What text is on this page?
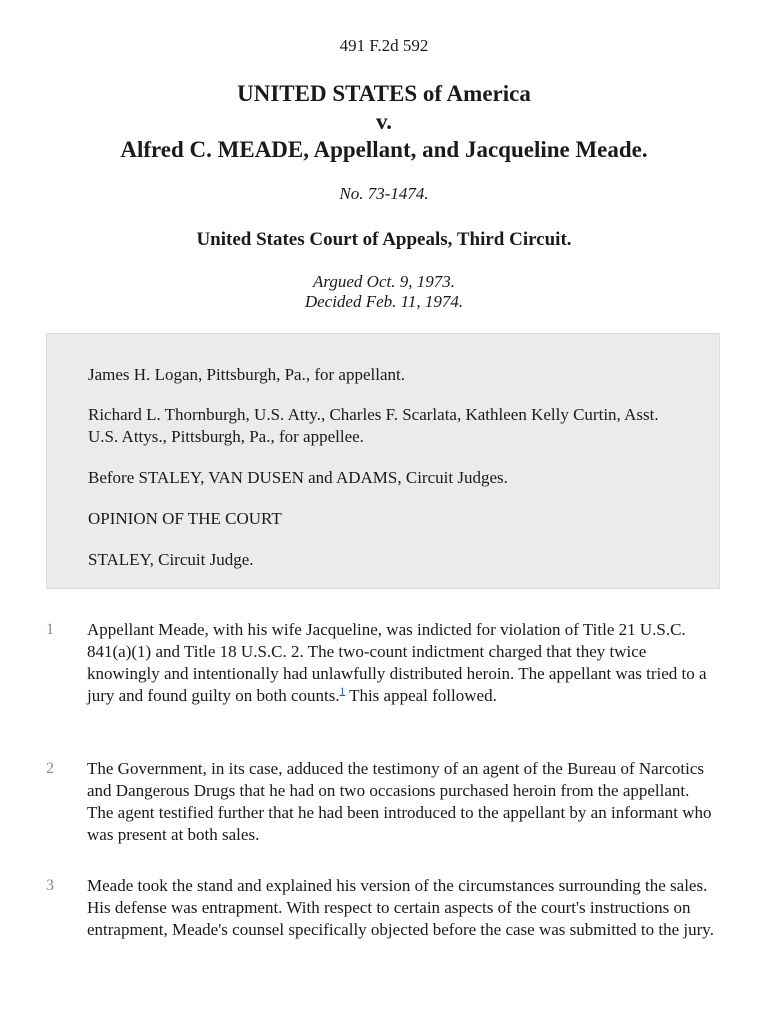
491 F.2d 592
UNITED STATES of America
v.
Alfred C. MEADE, Appellant, and Jacqueline Meade.
No. 73-1474.
United States Court of Appeals, Third Circuit.
Argued Oct. 9, 1973.
Decided Feb. 11, 1974.

James H. Logan, Pittsburgh, Pa., for appellant.

Richard L. Thornburgh, U.S. Atty., Charles F. Scarlata, Kathleen Kelly Curtin, Asst. U.S. Attys., Pittsburgh, Pa., for appellee.

Before STALEY, VAN DUSEN and ADAMS, Circuit Judges.

OPINION OF THE COURT

STALEY, Circuit Judge.

1 Appellant Meade, with his wife Jacqueline, was indicted for violation of Title 21 U.S.C. 841(a)(1) and Title 18 U.S.C. 2. The two-count indictment charged that they twice knowingly and intentionally had unlawfully distributed heroin. The appellant was tried to a jury and found guilty on both counts.$^1$ This appeal followed.

2 The Government, in its case, adduced the testimony of an agent of the Bureau of Narcotics and Dangerous Drugs that he had on two occasions purchased heroin from the appellant. The agent testified further that he had been introduced to the appellant by an informant who was present at both sales.

3 Meade took the stand and explained his version of the circumstances surrounding the sales. His defense was entrapment. With respect to certain aspects of the court's instructions on entrapment, Meade's counsel specifically objected before the case was submitted to the jury.
